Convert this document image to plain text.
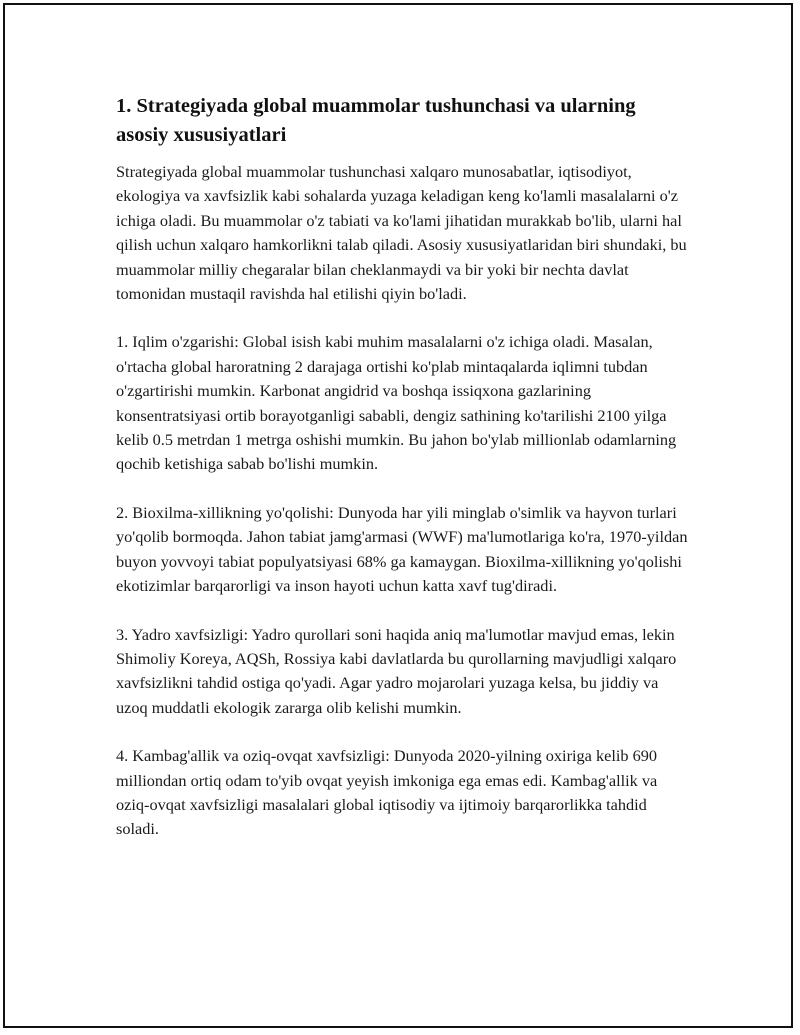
1. Strategiyada global muammolar tushunchasi va ularning asosiy xususiyatlari

Strategiyada global muammolar tushunchasi xalqaro munosabatlar, iqtisodiyot, ekologiya va xavfsizlik kabi sohalarda yuzaga keladigan keng ko'lamli masalalarni o'z ichiga oladi. Bu muammolar o'z tabiati va ko'lami jihatidan murakkab bo'lib, ularni hal qilish uchun xalqaro hamkorlikni talab qiladi. Asosiy xususiyatlaridan biri shundaki, bu muammolar milliy chegaralar bilan cheklanmaydi va bir yoki bir nechta davlat tomonidan mustaqil ravishda hal etilishi qiyin bo'ladi.

1. Iqlim o'zgarishi: Global isish kabi muhim masalalarni o'z ichiga oladi. Masalan, o'rtacha global haroratning 2 darajaga ortishi ko'plab mintaqalarda iqlimni tubdan o'zgartirishi mumkin. Karbonat angidrid va boshqa issiqxona gazlarining konsentratsiyasi ortib borayotganligi sababli, dengiz sathining ko'tarilishi 2100 yilga kelib 0.5 metrdan 1 metrga oshishi mumkin. Bu jahon bo'ylab millionlab odamlarning qochib ketishiga sabab bo'lishi mumkin.

2. Bioxilma-xillikning yo'qolishi: Dunyoda har yili minglab o'simlik va hayvon turlari yo'qolib bormoqda. Jahon tabiat jamg'armasi (WWF) ma'lumotlariga ko'ra, 1970-yildan buyon yovvoyi tabiat populyatsiyasi 68% ga kamaygan. Bioxilma-xillikning yo'qolishi ekotizimlar barqarorligi va inson hayoti uchun katta xavf tug'diradi.

3. Yadro xavfsizligi: Yadro qurollari soni haqida aniq ma'lumotlar mavjud emas, lekin Shimoliy Koreya, AQSh, Rossiya kabi davlatlarda bu qurollarning mavjudligi xalqaro xavfsizlikni tahdid ostiga qo'yadi. Agar yadro mojarolari yuzaga kelsa, bu jiddiy va uzoq muddatli ekologik zararga olib kelishi mumkin.

4. Kambag'allik va oziq-ovqat xavfsizligi: Dunyoda 2020-yilning oxiriga kelib 690 milliondan ortiq odam to'yib ovqat yeyish imkoniga ega emas edi. Kambag'allik va oziq-ovqat xavfsizligi masalalari global iqtisodiy va ijtimoiy barqarorlikka tahdid soladi.
